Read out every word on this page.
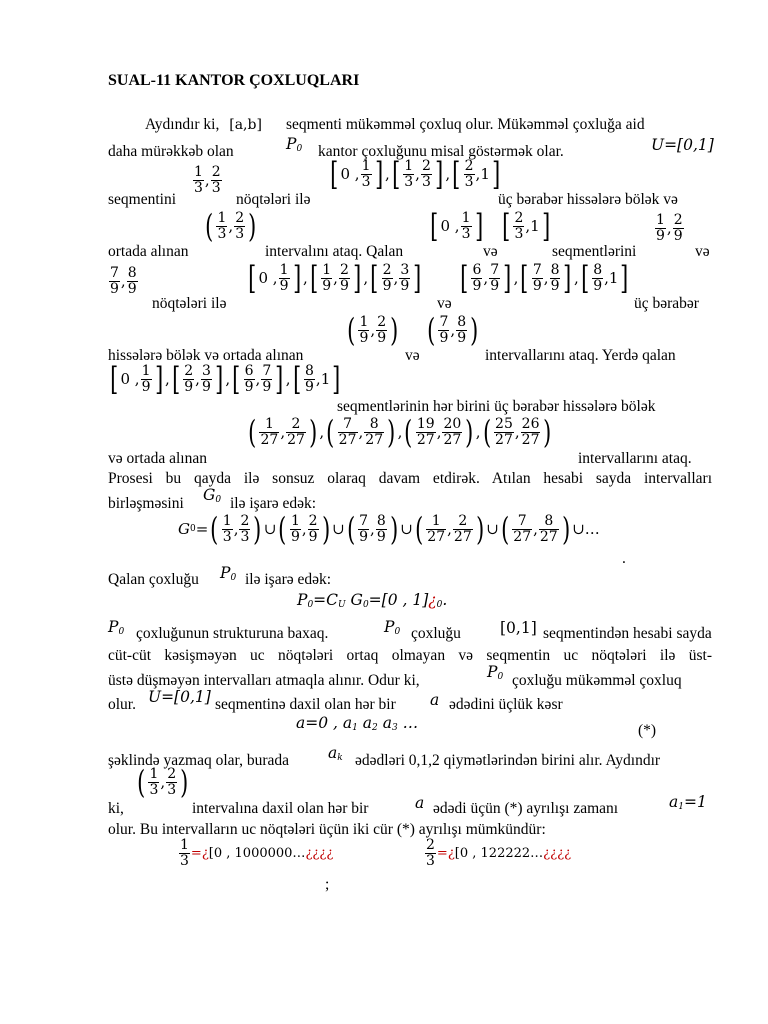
SUAL-11 KANTOR ÇOXLUQLARI
Aydındır ki, [a,b]	seqmenti mükəmməl çoxluq olur. Mükəmməl çoxluğa aid
daha mürəkkəb olan	$P_0$ kantor çoxluğunu misal göstərmək olar.	U=[0,1]
seqmentini
$\frac{1}{3}$ , $\frac{2}{3}$
nöqtələri ilə
[ 0 , $\frac{1}{3}$ ] , [ $\frac{1}{3}$ , $\frac{2}{3}$ ] , [ $\frac{2}{3} ,1$ ]
üç bərabər hissələrə bölək və
ortada alınan
( $\frac{1}{3}$ , $\frac{2}{3}$ )
intervalını ataq. Qalan
[ 0 , $\frac{1}{3}$ ]
və
[ $\frac{2}{3} ,1$ ]
seqmentlərini
$\frac{1}{9}$ , $\frac{2}{9}$
və
$\frac{7}{9}$ , $\frac{8}{9}$
nöqtələri ilə
[ 0 , $\frac{1}{9}$ ] , [ $\frac{1}{9}$ , $\frac{2}{9}$ ] , [ $\frac{2}{9}$ , $\frac{3}{9}$ ]
və
[ $\frac{6}{9}$ , $\frac{7}{9}$ ] , [ $\frac{7}{9}$ , $\frac{8}{9}$ ] , [ $\frac{8}{9} ,1$ ]
üç bərabər
hissələrə bölək və ortada alınan
( $\frac{1}{9}$ , $\frac{2}{9}$ )
və
( $\frac{7}{9}$ , $\frac{8}{9}$ )
intervallarını ataq. Yerdə qalan
[ 0 , $\frac{1}{9}$ ] , [ $\frac{2}{9}$ , $\frac{3}{9}$ ] , [ $\frac{6}{9}$ , $\frac{7}{9}$ ] , [ $\frac{8}{9} ,1$ ]
seqmentlərinin hər birini üç bərabər hissələrə bölək
və ortada alınan
( $\frac{1}{27}$ , $\frac{2}{27}$ ) , ( $\frac{7}{27}$ , $\frac{8}{27}$ ) , ( $\frac{19}{27}$ , $\frac{20}{27}$ ) , ( $\frac{25}{27}$ , $\frac{26}{27}$ )
intervallarını ataq.
Prosesi bu qayda ilə sonsuz olaraq davam etdirək. Atılan hesabi sayda intervalları
birləşməsini $G_0$ ilə işarə edək:
G 0 = ( $\frac{1}{3}$ , $\frac{2}{3}$ ) ∪ ( $\frac{1}{9}$ , $\frac{2}{9}$ ) ∪ ( $\frac{7}{9}$ , $\frac{8}{9}$ ) ∪ ( $\frac{1}{27}$ , $\frac{2}{27}$ ) ∪ ( $\frac{7}{27}$ , $\frac{8}{27}$ ) ∪…
.
Qalan çoxluğu $P_0$ ilə işarə edək:
$P_0=C_U$ $G_0=[0$ , $1]¿_0$.
$P_0$ çoxluğunun strukturuna baxaq.	$P_0$ çoxluğu	[0,1] seqmentindən hesabi sayda
cüt-cüt kəsişməyən uc nöqtələri ortaq olmayan və seqmentin uc nöqtələri ilə üst-
üstə düşməyən intervalları atmaqla alınır. Odur ki,	$P_0$ çoxluğu mükəmməl çoxluq
olur. U=[0,1] seqmentinə daxil olan hər bir a ədədini üçlük kəsr
a=0 , $a_1$ $a_2$ $a_3$ …	(*)
şəklində yazmaq olar, burada	$a_k$ ədədləri 0,1,2 qiymətlərindən birini alır. Aydındır
ki,
( $\frac{1}{3}$ , $\frac{2}{3}$ )
intervalına daxil olan hər bir	a ədədi üçün (*) ayrılışı zamanı	$a_1=1$
olur. Bu intervalların uc nöqtələri üçün iki cür (*) ayrılışı mümkündür:
$\frac{1}{3}$ =¿ [0 , 1000000… ¿¿¿¿
;
$\frac{2}{3}$ =¿ [0 , 122222… ¿¿¿¿
